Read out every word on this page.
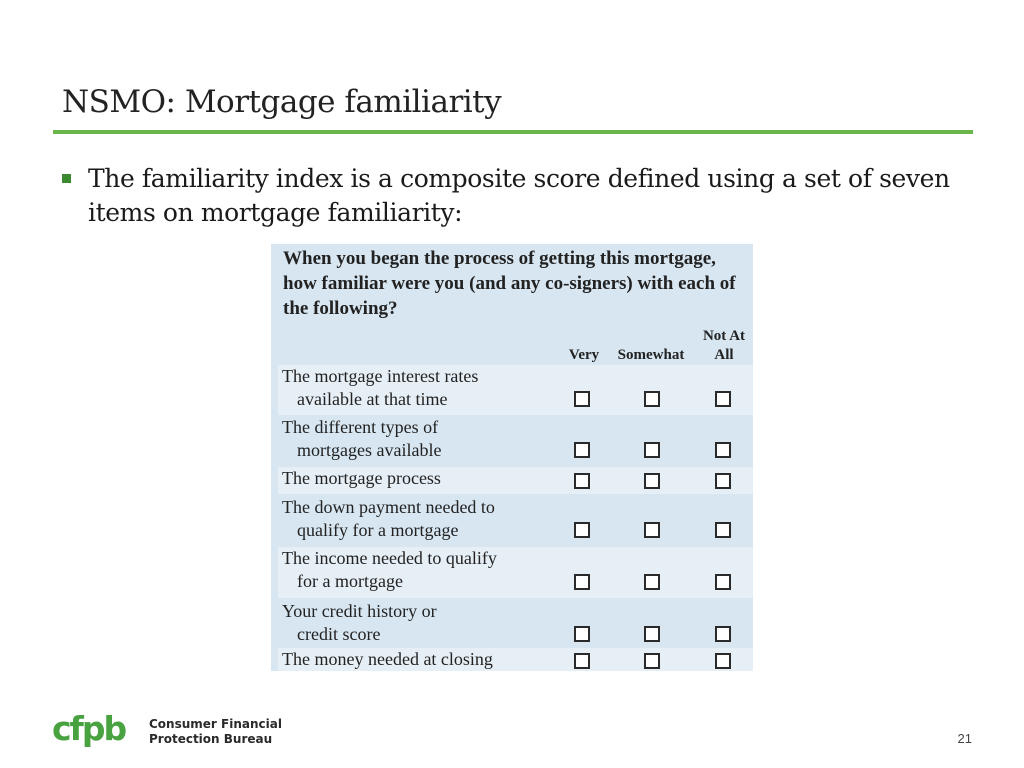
NSMO: Mortgage familiarity
The familiarity index is a composite score defined using a set of seven items on mortgage familiarity:
When you began the process of getting this mortgage, how familiar were you (and any co-signers) with each of the following?
Very	Somewhat
Not At All
The mortgage interest rates
available at that time
The different types of
mortgages available
The mortgage process
The down payment needed to
qualify for a mortgage
The income needed to qualify
for a mortgage
Your credit history or
credit score
The money needed at closing
cfpb Consumer Financial
Protection Bureau	21
